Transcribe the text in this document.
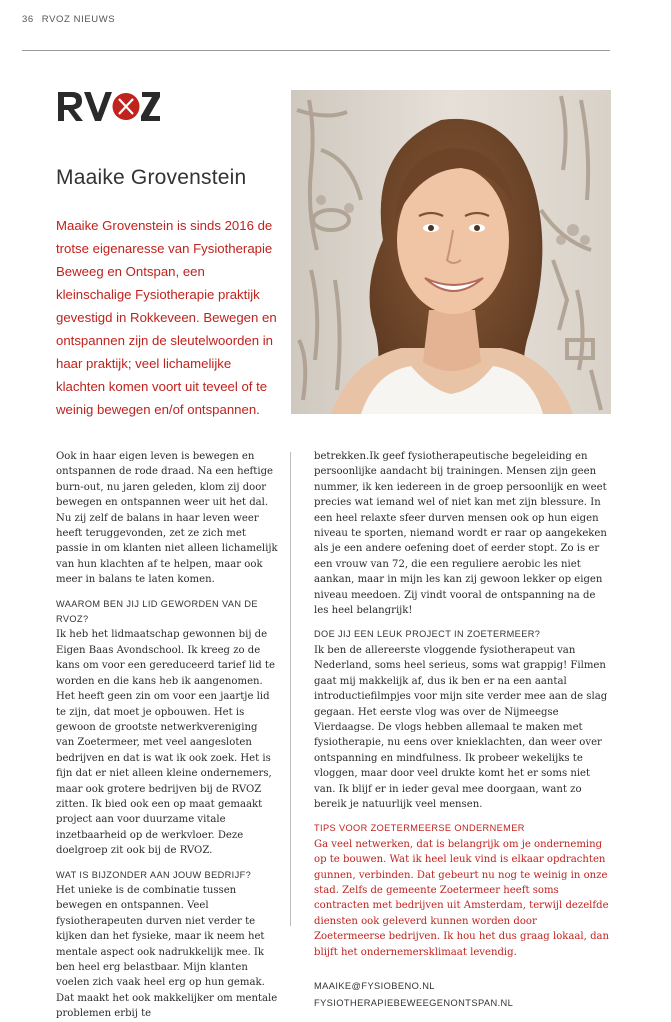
36 RVOZ NIEUWS
Maaike Grovenstein

Maaike Grovenstein is sinds 2016 de trotse eigenaresse van Fysiotherapie Beweeg en Ontspan, een kleinschalige Fysiotherapie praktijk gevestigd in Rokkeveen. Bewegen en ontspannen zijn de sleutelwoorden in haar praktijk; veel lichamelijke klachten komen voort uit teveel of te weinig bewegen en/of ontspannen.

Ook in haar eigen leven is bewegen en ontspannen de rode draad. Na een heftige burn-out, nu jaren geleden, klom zij door bewegen en ontspannen weer uit het dal. Nu zij zelf de balans in haar leven weer heeft teruggevonden, zet ze zich met passie in om klanten niet alleen lichamelijk van hun klachten af te helpen, maar ook meer in balans te laten komen.

WAAROM BEN JIJ LID GEWORDEN VAN DE RVOZ?

Ik heb het lidmaatschap gewonnen bij de Eigen Baas Avondschool. Ik kreeg zo de kans om voor een gereduceerd tarief lid te worden en die kans heb ik aangenomen. Het heeft geen zin om voor een jaartje lid te zijn, dat moet je opbouwen. Het is gewoon de grootste netwerkvereniging van Zoetermeer, met veel aangesloten bedrijven en dat is wat ik ook zoek. Het is fijn dat er niet alleen kleine ondernemers, maar ook grotere bedrijven bij de RVOZ zitten. Ik bied ook een op maat gemaakt project aan voor duurzame vitale inzetbaarheid op de werkvloer. Deze doelgroep zit ook bij de RVOZ.

WAT IS BIJZONDER AAN JOUW BEDRIJF?

Het unieke is de combinatie tussen bewegen en ontspannen. Veel fysiotherapeuten durven niet verder te kijken dan het fysieke, maar ik neem het mentale aspect ook nadrukkelijk mee. Ik ben heel erg belastbaar. Mijn klanten voelen zich vaak heel erg op hun gemak. Dat maakt het ook makkelijker om mentale problemen erbij te

betrekken.Ik geef fysiotherapeutische begeleiding en persoonlijke aandacht bij trainingen. Mensen zijn geen nummer, ik ken iedereen in de groep persoonlijk en weet precies wat iemand wel of niet kan met zijn blessure. In een heel relaxte sfeer durven mensen ook op hun eigen niveau te sporten, niemand wordt er raar op aangekeken als je een andere oefening doet of eerder stopt. Zo is er een vrouw van 72, die een reguliere aerobic les niet aankan, maar in mijn les kan zij gewoon lekker op eigen niveau meedoen. Zij vindt vooral de ontspanning na de les heel belangrijk!

DOE JIJ EEN LEUK PROJECT IN ZOETERMEER?

Ik ben de allereerste vloggende fysiotherapeut van Nederland, soms heel serieus, soms wat grappig! Filmen gaat mij makkelijk af, dus ik ben er na een aantal introductiefilmpjes voor mijn site verder mee aan de slag gegaan. Het eerste vlog was over de Nijmeegse Vierdaagse. De vlogs hebben allemaal te maken met fysiotherapie, nu eens over knieklachten, dan weer over ontspanning en mindfulness. Ik probeer wekelijks te vloggen, maar door veel drukte komt het er soms niet van. Ik blijf er in ieder geval mee doorgaan, want zo bereik je natuurlijk veel mensen.

TIPS VOOR ZOETERMEERSE ONDERNEMER

Ga veel netwerken, dat is belangrijk om je onderneming op te bouwen. Wat ik heel leuk vind is elkaar opdrachten gunnen, verbinden. Dat gebeurt nu nog te weinig in onze stad. Zelfs de gemeente Zoetermeer heeft soms contracten met bedrijven uit Amsterdam, terwijl dezelfde diensten ook geleverd kunnen worden door Zoetermeerse bedrijven. Ik hou het dus graag lokaal, dan blijft het ondernemersklimaat levendig.

MAAIKE@FYSIOBENO.NL
FYSIOTHERAPIEBEWEEGENONTSPAN.NL
